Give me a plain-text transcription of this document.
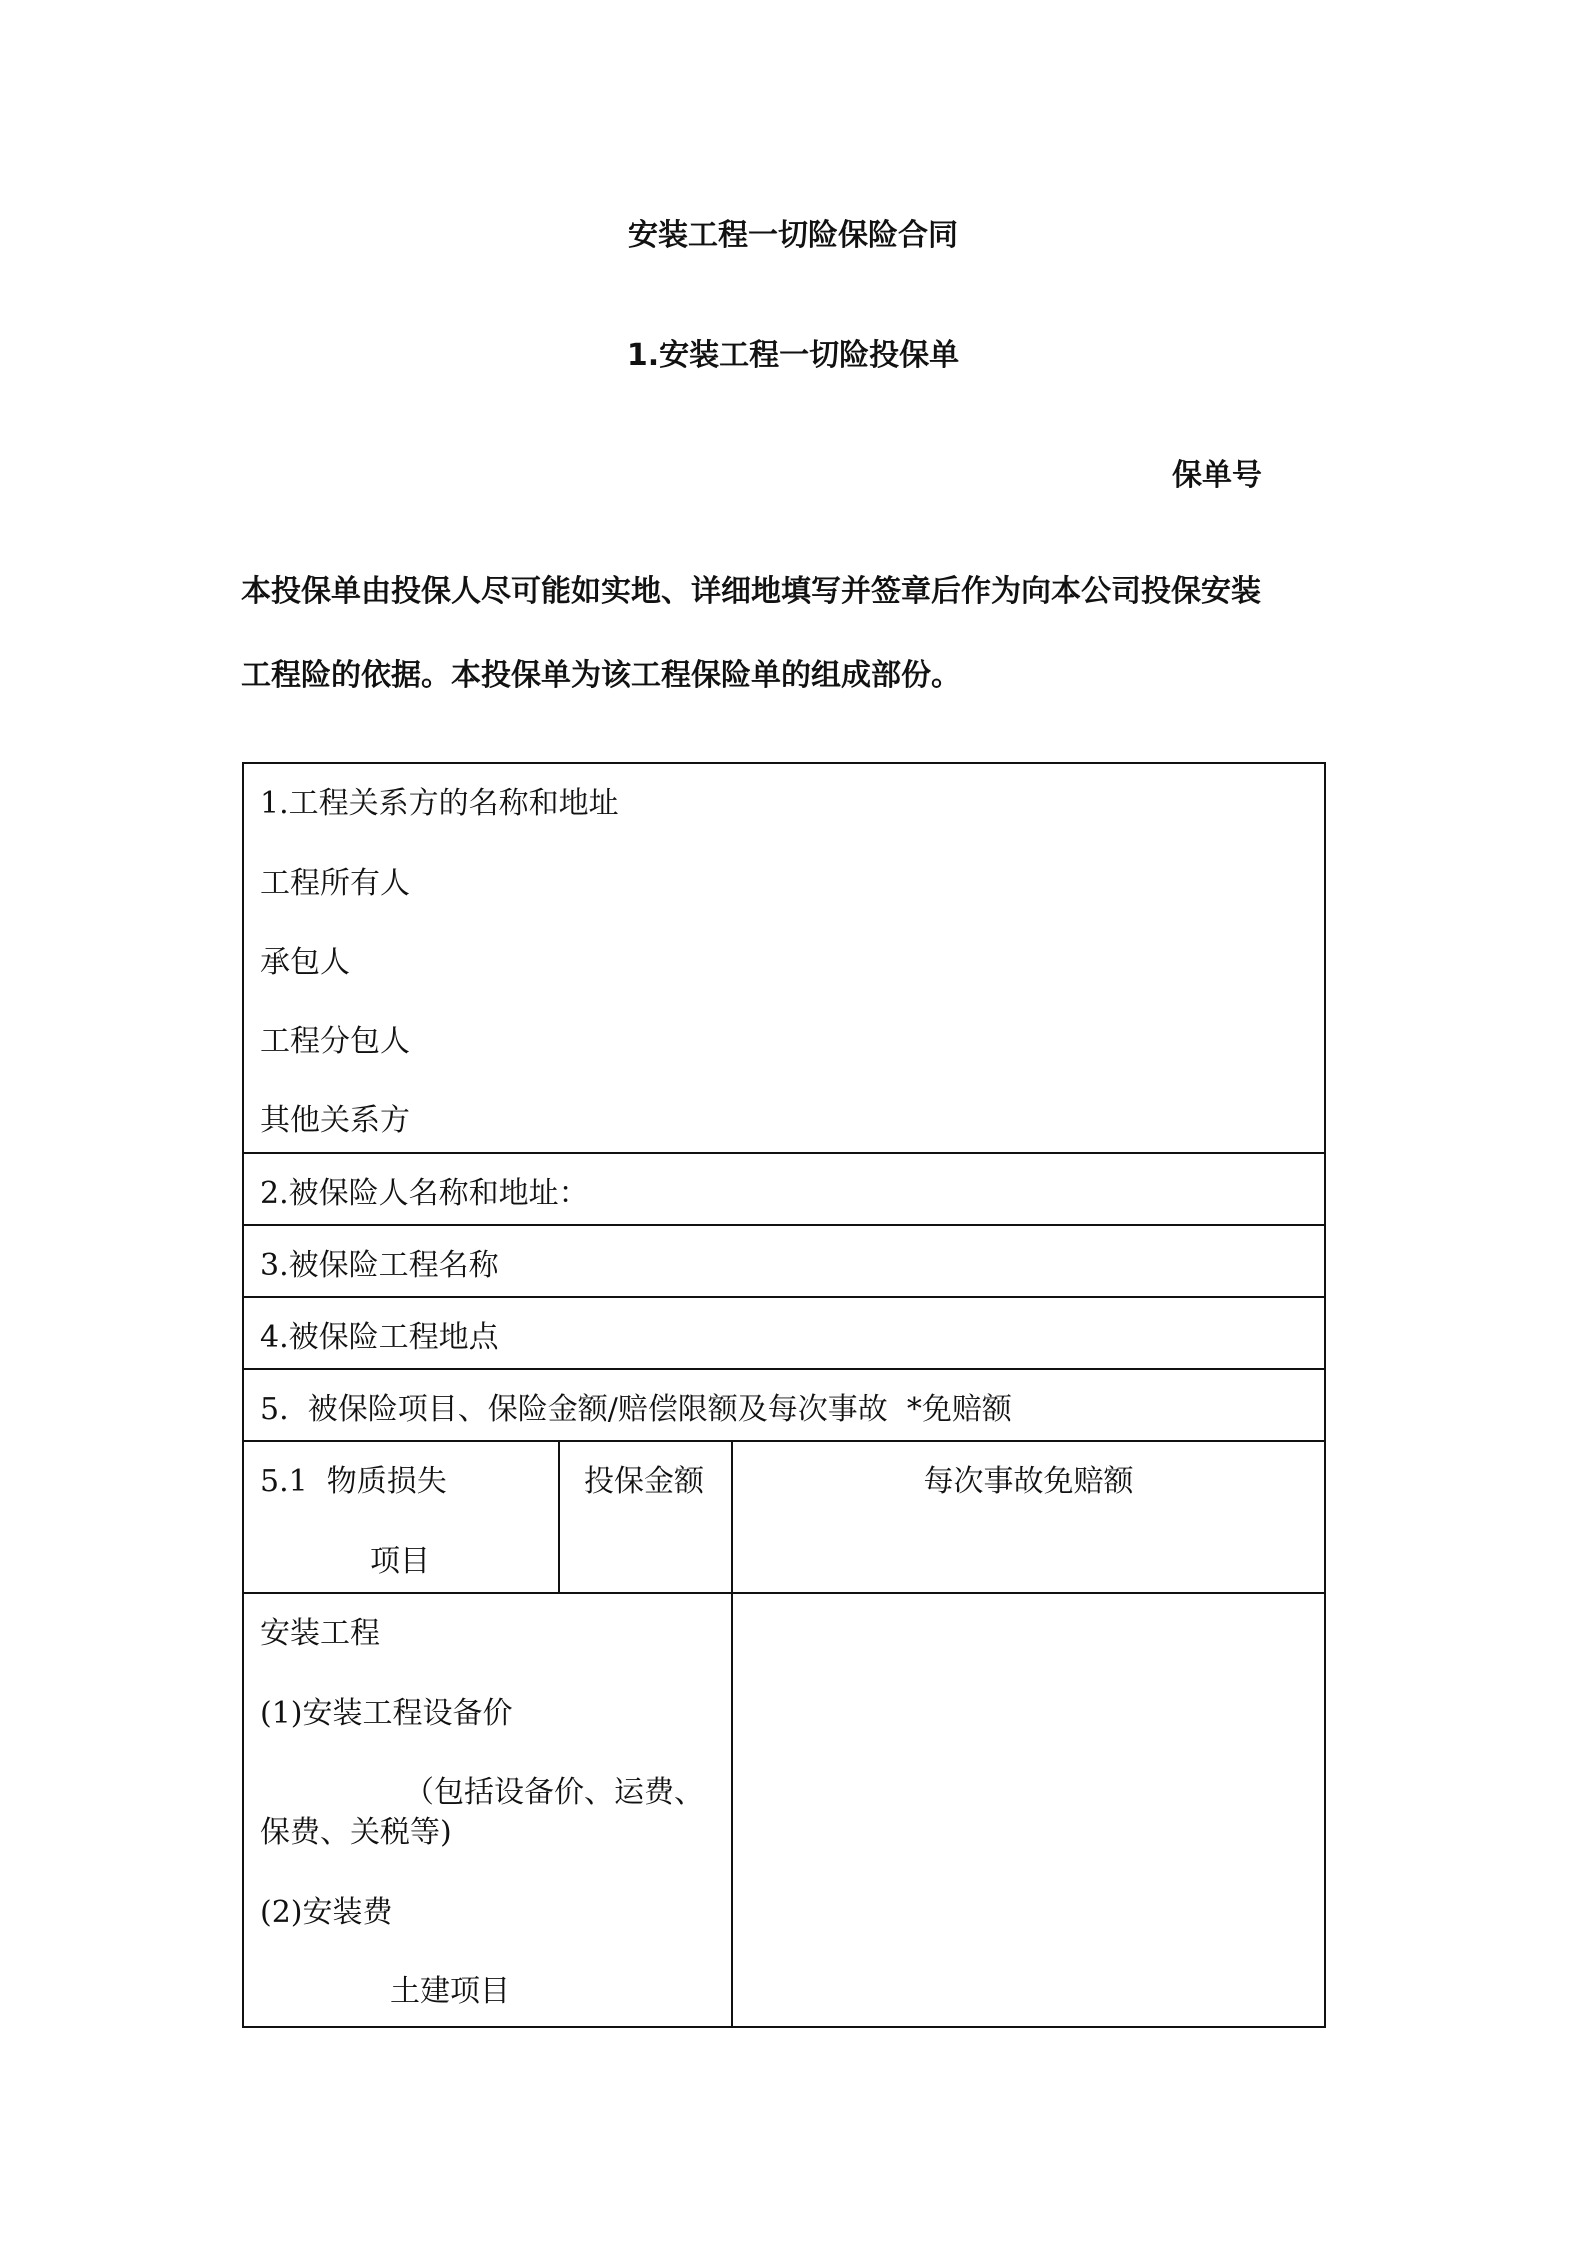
安装工程一切险保险合同
1.安装工程一切险投保单
保单号
本投保单由投保人尽可能如实地、详细地填写并签章后作为向本公司投保安装
工程险的依据。本投保单为该工程保险单的组成部份。
1.工程关系方的名称和地址
工程所有人
承包人
工程分包人
其他关系方
2.被保险人名称和地址：
3.被保险工程名称
4.被保险工程地点
5.  被保险项目、保险金额/赔偿限额及每次事故  *免赔额
5.1  物质损失
项目
投保金额	每次事故免赔额
安装工程
(1)安装工程设备价
（包括设备价、运费、
保费、关税等)
(2)安装费
土建项目
